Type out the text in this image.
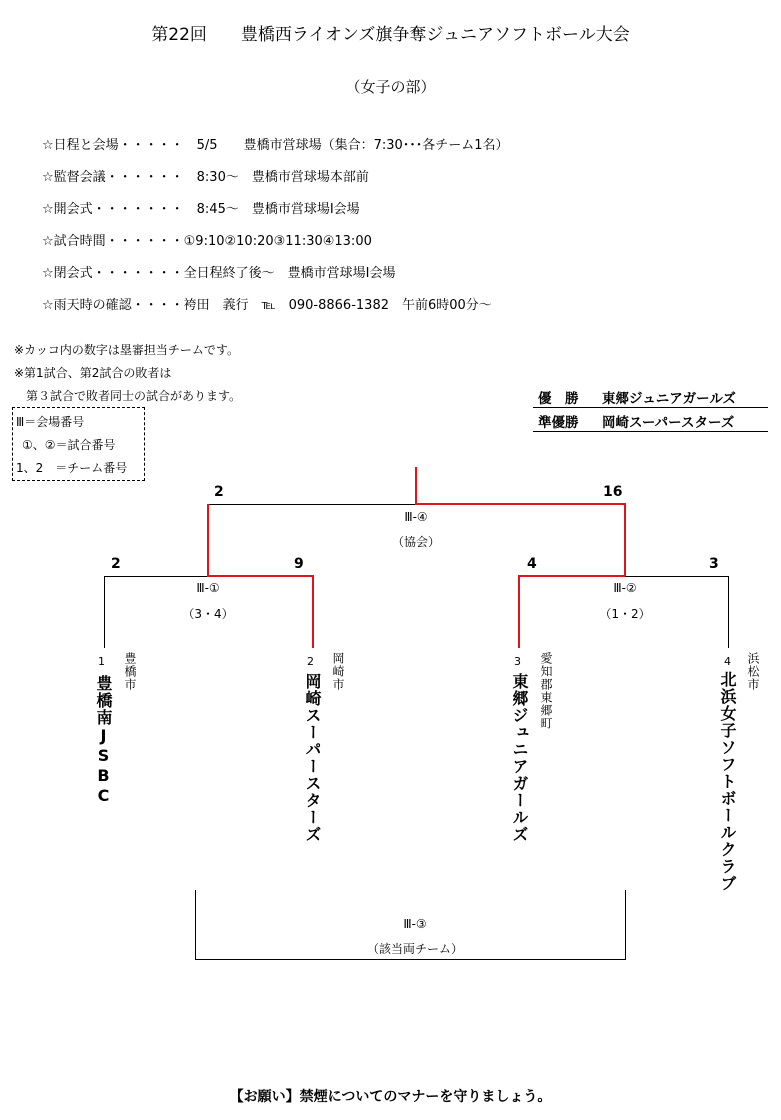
第22回　　豊橋西ライオンズ旗争奪ジュニアソフトボール大会
（女子の部）
☆日程と会場・・・・・　5/5　　豊橋市営球場（集合：7:30･･･各チーム1名）
☆監督会議・・・・・・　8:30～　豊橋市営球場本部前
☆開会式・・・・・・・　8:45～　豊橋市営球場Ⅰ会場
☆試合時間・・・・・・①9:10②10:20③11:30④13:00
☆閉会式・・・・・・・全日程終了後～　豊橋市営球場Ⅰ会場
☆雨天時の確認・・・・袴田　義行　℡　090-8866-1382　午前6時00分～
※カッコ内の数字は塁審担当チームです。
※第1試合、第2試合の敗者は
　第３試合で敗者同士の試合があります。	優　勝 東郷ジュニアガールズ
準優勝 岡崎スーパースターズ
Ⅲ＝会場番号
①、②＝試合番号
1、2　＝チーム番号
2	16
2	9	4	3
Ⅲ-④
（協会）
Ⅲ-①
（3・4）
Ⅲ-②
（1・2）
Ⅲ-③
（該当両チーム）
1
豊橋南JSBC
豊橋市	2
岡崎スーパースターズ
岡崎市	3
東郷ジュニアガールズ 愛知郡東郷町	4
北浜女子ソフトボールクラブ 浜松市
【お願い】禁煙についてのマナーを守りましょう。
